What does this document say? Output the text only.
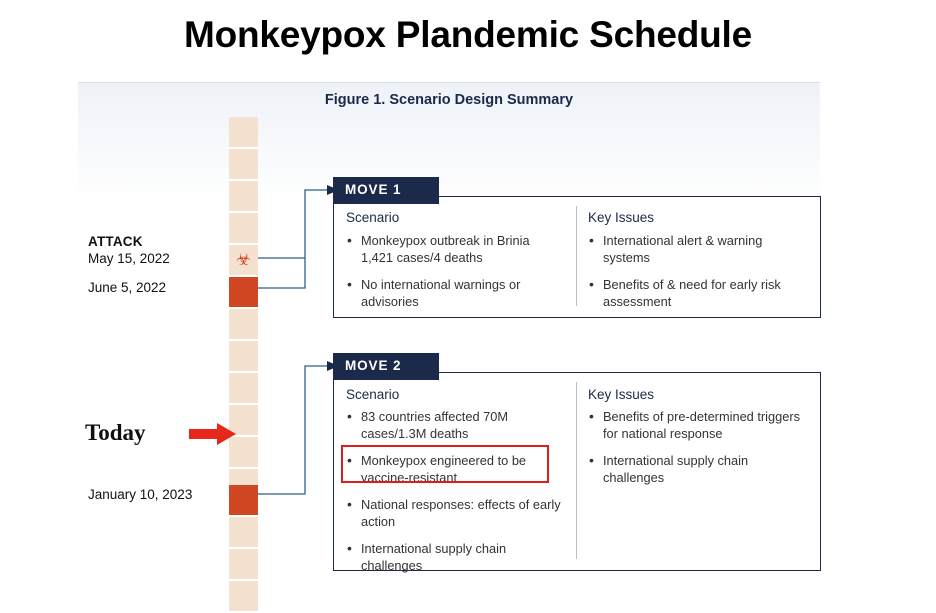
Monkeypox Plandemic Schedule
Figure 1. Scenario Design Summary
☣
ATTACK
May 15, 2022
June 5, 2022
January 10, 2023
Today
MOVE 1
Scenario
• Monkeypox outbreak in Brinia 1,421 cases/4 deaths
• No international warnings or advisories
Key Issues
• International alert & warning systems
• Benefits of & need for early risk assessment
MOVE 2
Scenario
• 83 countries affected 70M cases/1.3M deaths
• Monkeypox engineered to be vaccine-resistant
• National responses: effects of early action
• International supply chain challenges
Key Issues
• Benefits of pre-determined triggers for national response
• International supply chain challenges
